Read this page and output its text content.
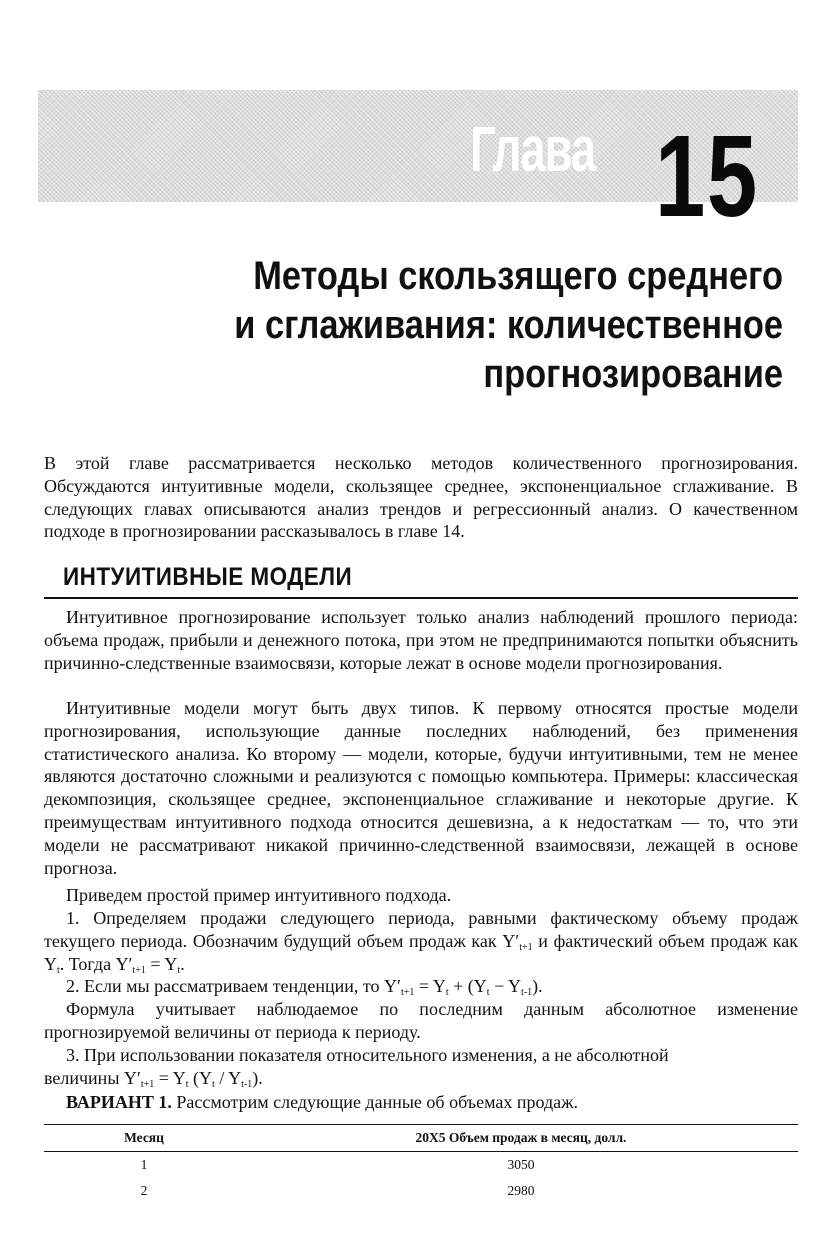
Глава 15
Методы скользящего среднего
и сглаживания: количественное
прогнозирование

В этой главе рассматривается несколько методов количественного прогнозирования. Обсуждаются интуитивные модели, скользящее среднее, экспоненциальное сглаживание. В следующих главах описываются анализ трендов и регрессионный анализ. О качественном подходе в прогнозировании рассказывалось в главе 14.

ИНТУИТИВНЫЕ МОДЕЛИ

Интуитивное прогнозирование использует только анализ наблюдений прошлого периода: объема продаж, прибыли и денежного потока, при этом не предпринимаются попытки объяснить причинно-следственные взаимосвязи, которые лежат в основе модели прогнозирования.

Интуитивные модели могут быть двух типов. К первому относятся простые модели прогнозирования, использующие данные последних наблюдений, без применения статистического анализа. Ко второму — модели, которые, будучи интуитивными, тем не менее являются достаточно сложными и реализуются с помощью компьютера. Примеры: классическая декомпозиция, скользящее среднее, экспоненциальное сглаживание и некоторые другие. К преимуществам интуитивного подхода относится дешевизна, а к недостаткам — то, что эти модели не рассматривают никакой причинно-следственной взаимосвязи, лежащей в основе прогноза.

Приведем простой пример интуитивного подхода.

1. Определяем продажи следующего периода, равными фактическому объему продаж текущего периода. Обозначим будущий объем продаж как $Y'_{t+1}$ и фактический объем продаж как $Y_t$. Тогда $Y'_{t+1} = Y_t$.

2. Если мы рассматриваем тенденции, то $Y'_{t+1} = Y_t + (Y_t - Y_{t-1})$.

Формула учитывает наблюдаемое по последним данным абсолютное изменение прогнозируемой величины от периода к периоду.

3. При использовании показателя относительного изменения, а не абсолютной

величины $Y'_{t+1} = Y_t$ $(Y_t / Y_{t-1})$.
ВАРИАНТ 1. Рассмотрим следующие данные об объемах продаж.
Месяц	20X5 Объем продаж в месяц, долл.
1	3050
2	2980
